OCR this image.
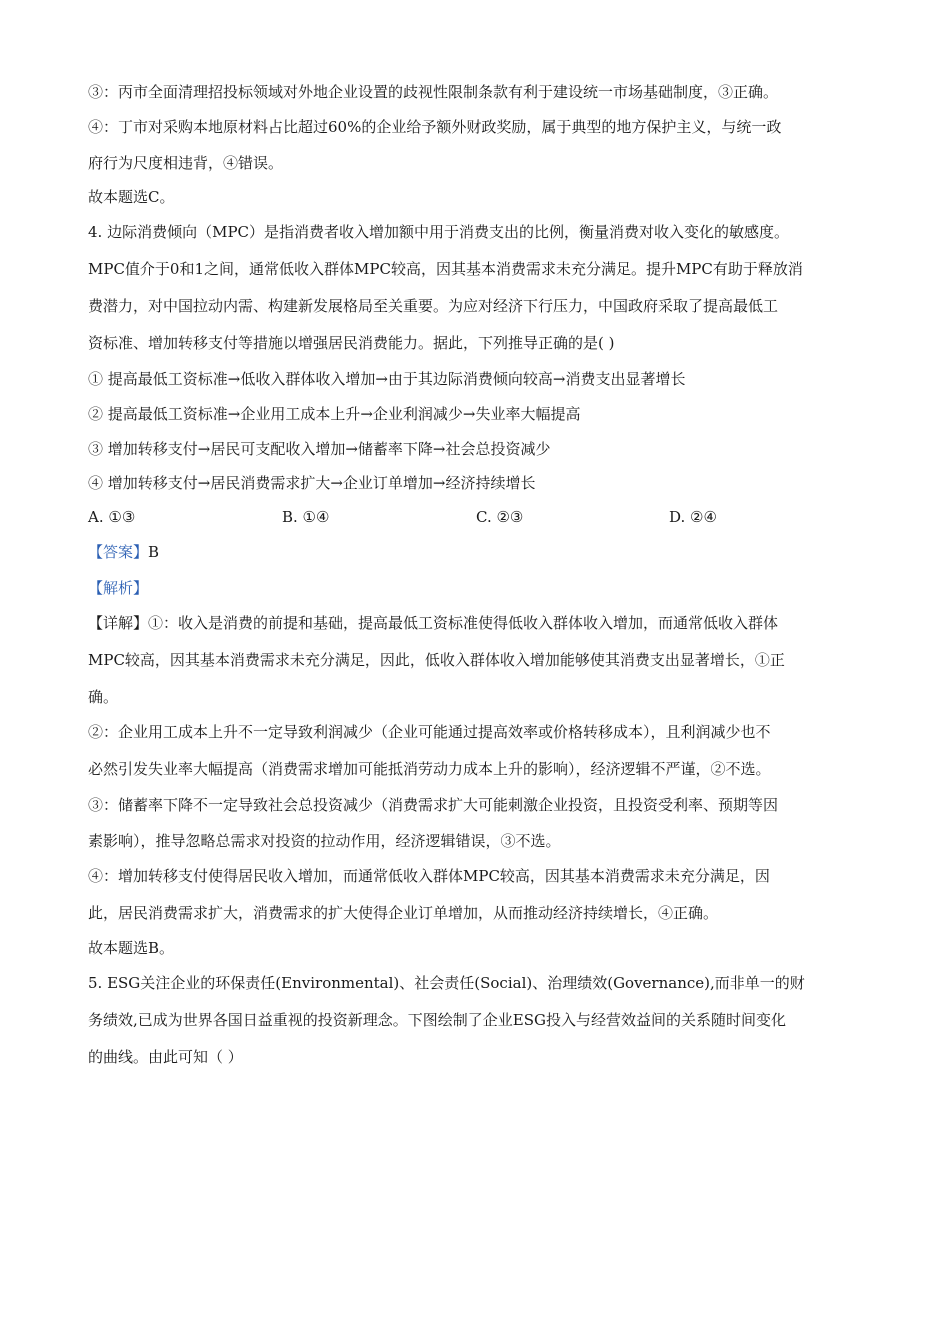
③：丙市全面清理招投标领域对外地企业设置的歧视性限制条款有利于建设统一市场基础制度，③正确。
④：丁市对采购本地原材料占比超过60%的企业给予额外财政奖励，属于典型的地方保护主义，与统一政
府行为尺度相违背，④错误。
故本题选C。
4. 边际消费倾向（MPC）是指消费者收入增加额中用于消费支出的比例，衡量消费对收入变化的敏感度。
MPC值介于0和1之间，通常低收入群体MPC较高，因其基本消费需求未充分满足。提升MPC有助于释放消
费潜力，对中国拉动内需、构建新发展格局至关重要。为应对经济下行压力，中国政府采取了提高最低工
资标准、增加转移支付等措施以增强居民消费能力。据此，下列推导正确的是( )
① 提高最低工资标准→低收入群体收入增加→由于其边际消费倾向较高→消费支出显著增长
② 提高最低工资标准→企业用工成本上升→企业利润减少→失业率大幅提高
③ 增加转移支付→居民可支配收入增加→储蓄率下降→社会总投资减少
④ 增加转移支付→居民消费需求扩大→企业订单增加→经济持续增长
A. ①③	B. ①④	C. ②③	D. ②④
【答案】B
【解析】
【详解】①：收入是消费的前提和基础，提高最低工资标准使得低收入群体收入增加，而通常低收入群体
MPC较高，因其基本消费需求未充分满足，因此，低收入群体收入增加能够使其消费支出显著增长，①正
确。
②：企业用工成本上升不一定导致利润减少（企业可能通过提高效率或价格转移成本），且利润减少也不
必然引发失业率大幅提高（消费需求增加可能抵消劳动力成本上升的影响），经济逻辑不严谨，②不选。
③：储蓄率下降不一定导致社会总投资减少（消费需求扩大可能刺激企业投资，且投资受利率、预期等因
素影响），推导忽略总需求对投资的拉动作用，经济逻辑错误，③不选。
④：增加转移支付使得居民收入增加，而通常低收入群体MPC较高，因其基本消费需求未充分满足，因
此，居民消费需求扩大，消费需求的扩大使得企业订单增加，从而推动经济持续增长，④正确。
故本题选B。
5. ESG关注企业的环保责任(Environmental)、社会责任(Social)、治理绩效(Governance),而非单一的财
务绩效,已成为世界各国日益重视的投资新理念。下图绘制了企业ESG投入与经营效益间的关系随时间变化
的曲线。由此可知（ ）
